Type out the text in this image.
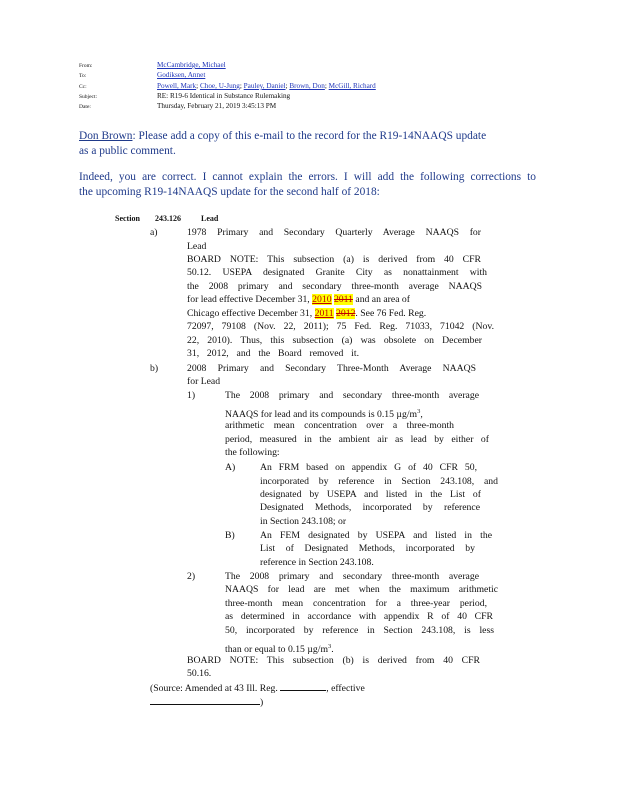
From:	McCambridge, Michael
To:	Godiksen, Annet
Cc:	Powell, Mark; Choe, U-Jung; Pauley, Daniel; Brown, Don; McGill, Richard
Subject:	RE: R19-6 Identical in Substance Rulemaking
Date:	Thursday, February 21, 2019 3:45:13 PM
Don Brown: Please add a copy of this e-mail to the record for the R19-14NAAQS update
as a public comment.
Indeed, you are correct. I cannot explain the errors. I will add the following corrections to
the upcoming R19-14NAAQS update for the second half of 2018:
Section 243.126	Lead
a)	1978 Primary and Secondary Quarterly Average NAAQS for
Lead
BOARD NOTE: This subsection (a) is derived from 40 CFR
50.12. USEPA designated Granite City as nonattainment with
the 2008 primary and secondary three-month average NAAQS
for lead effective December 31, 2010 2011 and an area of
Chicago effective December 31, 2011 2012. See 76 Fed. Reg.
72097, 79108 (Nov. 22, 2011); 75 Fed. Reg. 71033, 71042 (Nov.
22, 2010). Thus, this subsection (a) was obsolete on December
31, 2012, and the Board removed it.
b)	2008 Primary and Secondary Three-Month Average NAAQS
for Lead
1)	The 2008 primary and secondary three-month average
NAAQS for lead and its compounds is 0.15 $\mu g/m^3$,
arithmetic mean concentration over a three-month
period, measured in the ambient air as lead by either of
the following:
A)	An FRM based on appendix G of 40 CFR 50,
incorporated by reference in Section 243.108, and
designated by USEPA and listed in the List of
Designated Methods, incorporated by reference
in Section 243.108; or
B)	An FEM designated by USEPA and listed in the
List of Designated Methods, incorporated by
reference in Section 243.108.
2)	The 2008 primary and secondary three-month average
NAAQS for lead are met when the maximum arithmetic
three-month mean concentration for a three-year period,
as determined in accordance with appendix R of 40 CFR
50, incorporated by reference in Section 243.108, is less
than or equal to 0.15 $\mu g/m^3$.
BOARD NOTE: This subsection (b) is derived from 40 CFR
50.16.
(Source: Amended at 43 Ill. Reg.	, effective
)
